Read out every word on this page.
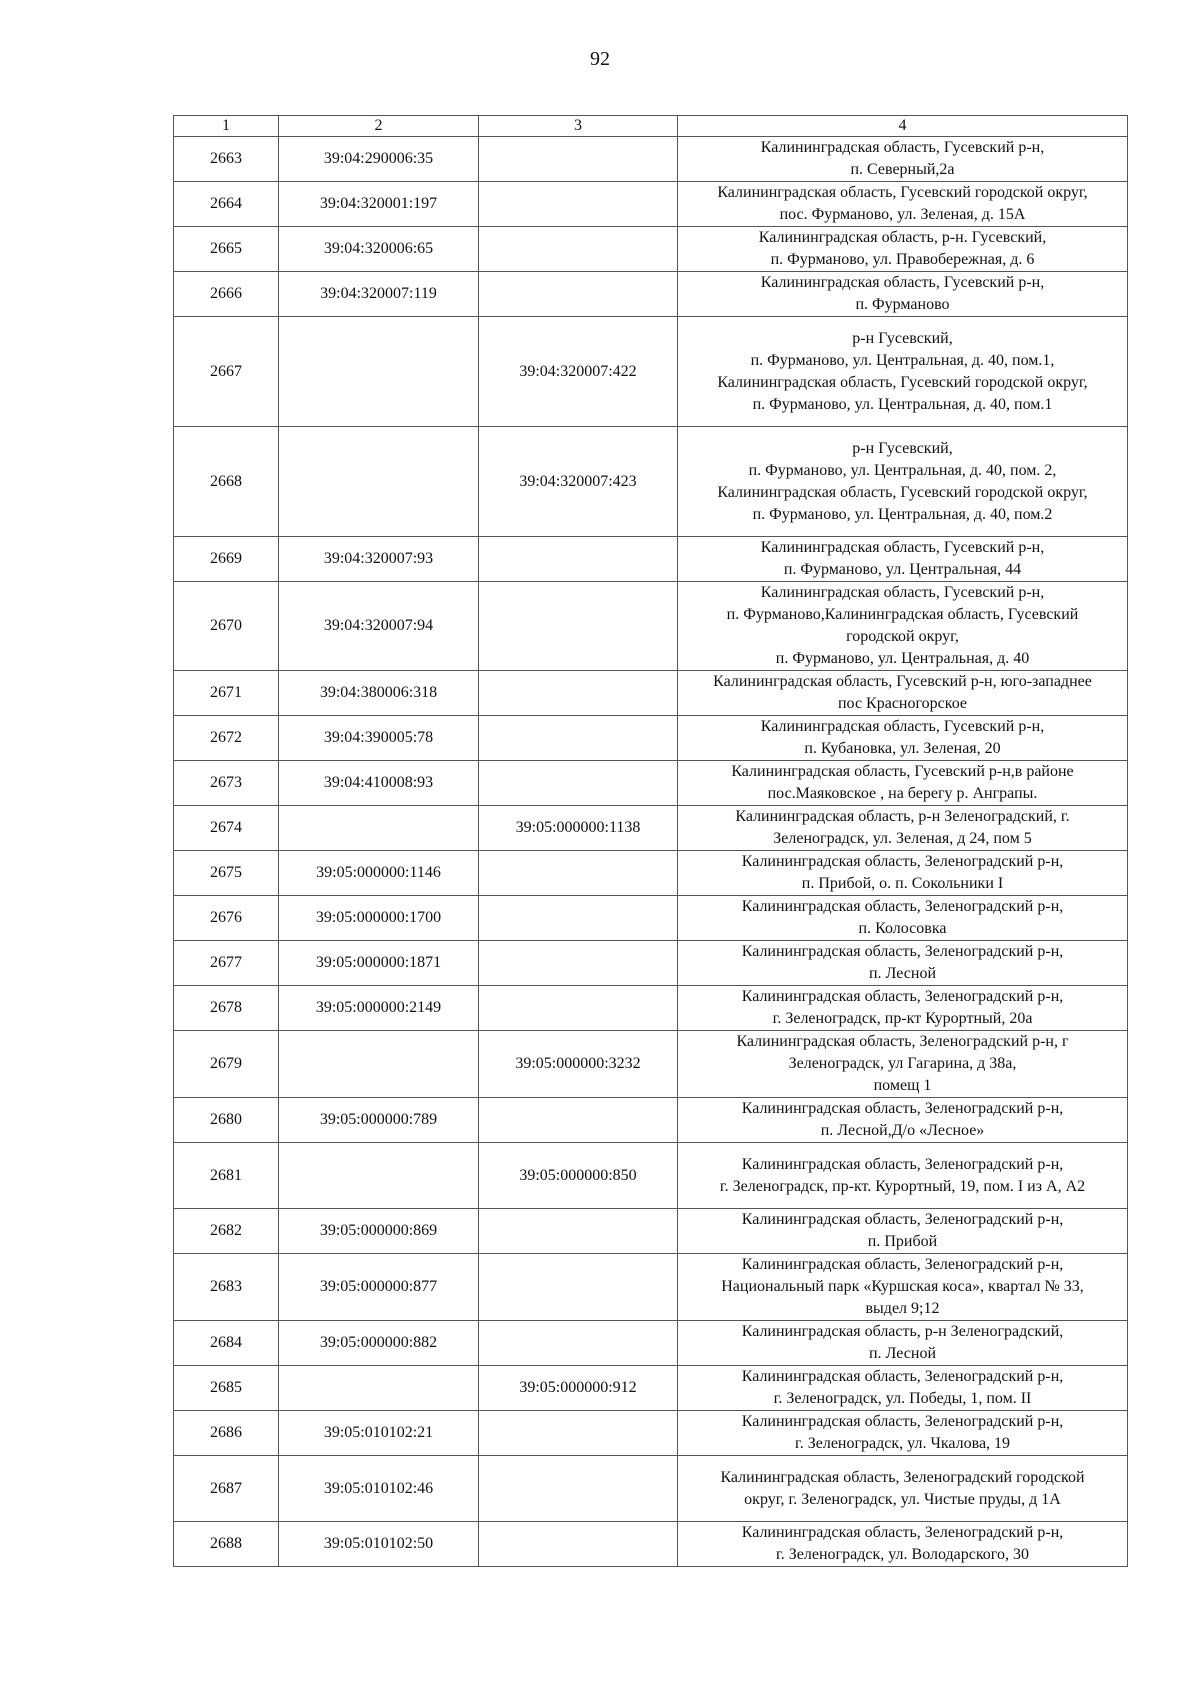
92
1	2	3	4
2663	39:04:290006:35		Калининградская область, Гусевский р-н,
п. Северный,2а
2664	39:04:320001:197		Калининградская область, Гусевский городской округ,
пос. Фурманово, ул. Зеленая, д. 15А
2665	39:04:320006:65		Калининградская область, р-н. Гусевский,
п. Фурманово, ул. Правобережная, д. 6
2666	39:04:320007:119		Калининградская область, Гусевский р-н,
п. Фурманово
2667		39:04:320007:422	р-н Гусевский,
п. Фурманово, ул. Центральная, д. 40, пом.1,
Калининградская область, Гусевский городской округ,
п. Фурманово, ул. Центральная, д. 40, пом.1
2668		39:04:320007:423	р-н Гусевский,
п. Фурманово, ул. Центральная, д. 40, пом. 2,
Калининградская область, Гусевский городской округ,
п. Фурманово, ул. Центральная, д. 40, пом.2
2669	39:04:320007:93		Калининградская область, Гусевский р-н,
п. Фурманово, ул. Центральная, 44
2670	39:04:320007:94		Калининградская область, Гусевский р-н,
п. Фурманово,Калининградская область, Гусевский
городской округ,
п. Фурманово, ул. Центральная, д. 40
2671	39:04:380006:318		Калининградская область, Гусевский р-н, юго-западнее
пос Красногорское
2672	39:04:390005:78		Калининградская область, Гусевский р-н,
п. Кубановка, ул. Зеленая, 20
2673	39:04:410008:93		Калининградская область, Гусевский р-н,в районе
пос.Маяковское , на берегу р. Анграпы.
2674		39:05:000000:1138	Калининградская область, р-н Зеленоградский, г.
Зеленоградск, ул. Зеленая, д 24, пом 5
2675	39:05:000000:1146		Калининградская область, Зеленоградский р-н,
п. Прибой, о. п. Сокольники I
2676	39:05:000000:1700		Калининградская область, Зеленоградский р-н,
п. Колосовка
2677	39:05:000000:1871		Калининградская область, Зеленоградский р-н,
п. Лесной
2678	39:05:000000:2149		Калининградская область, Зеленоградский р-н,
г. Зеленоградск, пр-кт Курортный, 20а
2679		39:05:000000:3232	Калининградская область, Зеленоградский р-н, г
Зеленоградск, ул Гагарина, д 38а,
помещ 1
2680	39:05:000000:789		Калининградская область, Зеленоградский р-н,
п. Лесной,Д/о «Лесное»
2681		39:05:000000:850	Калининградская область, Зеленоградский р-н,
г. Зеленоградск, пр-кт. Курортный, 19, пом. I из А, А2
2682	39:05:000000:869		Калининградская область, Зеленоградский р-н,
п. Прибой
2683	39:05:000000:877		Калининградская область, Зеленоградский р-н,
Национальный парк «Куршская коса», квартал № 33,
выдел 9;12
2684	39:05:000000:882		Калининградская область, р-н Зеленоградский,
п. Лесной
2685		39:05:000000:912	Калининградская область, Зеленоградский р-н,
г. Зеленоградск, ул. Победы, 1, пом. II
2686	39:05:010102:21		Калининградская область, Зеленоградский р-н,
г. Зеленоградск, ул. Чкалова, 19
2687	39:05:010102:46		Калининградская область, Зеленоградский городской
округ, г. Зеленоградск, ул. Чистые пруды, д 1А
2688	39:05:010102:50		Калининградская область, Зеленоградский р-н,
г. Зеленоградск, ул. Володарского, 30
